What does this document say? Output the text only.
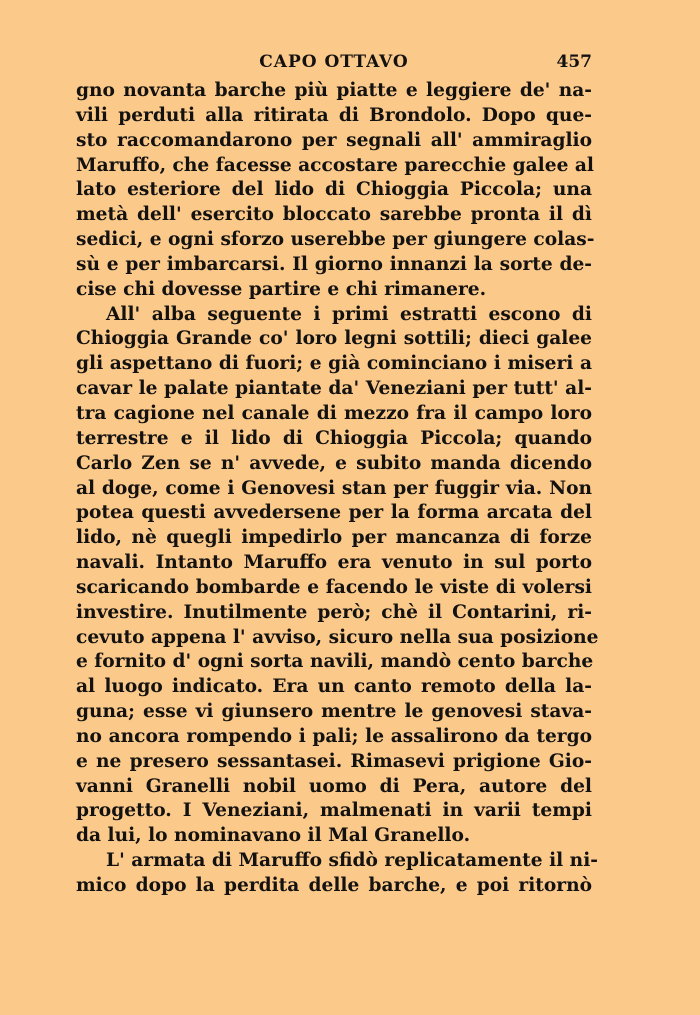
CAPO OTTAVO	457
gno novanta barche più piatte e leggiere de' na-
vili perduti alla ritirata di Brondolo. Dopo que-
sto raccomandarono per segnali all' ammiraglio
Maruffo, che facesse accostare parecchie galee al
lato esteriore del lido di Chioggia Piccola; una
metà dell' esercito bloccato sarebbe pronta il dì
sedici, e ogni sforzo userebbe per giungere colas-
sù e per imbarcarsi. Il giorno innanzi la sorte de-
cise chi dovesse partire e chi rimanere.
All' alba seguente i primi estratti escono di
Chioggia Grande co' loro legni sottili; dieci galee
gli aspettano di fuori; e già cominciano i miseri a
cavar le palate piantate da' Veneziani per tutt' al-
tra cagione nel canale di mezzo fra il campo loro
terrestre e il lido di Chioggia Piccola; quando
Carlo Zen se n' avvede, e subito manda dicendo
al doge, come i Genovesi stan per fuggir via. Non
potea questi avvedersene per la forma arcata del
lido, nè quegli impedirlo per mancanza di forze
navali. Intanto Maruffo era venuto in sul porto
scaricando bombarde e facendo le viste di volersi
investire. Inutilmente però; chè il Contarini, ri-
cevuto appena l' avviso, sicuro nella sua posizione
e fornito d' ogni sorta navili, mandò cento barche
al luogo indicato. Era un canto remoto della la-
guna; esse vi giunsero mentre le genovesi stava-
no ancora rompendo i pali; le assalirono da tergo
e ne presero sessantasei. Rimasevi prigione Gio-
vanni Granelli nobil uomo di Pera, autore del
progetto. I Veneziani, malmenati in varii tempi
da lui, lo nominavano il Mal Granello.
L' armata di Maruffo sfidò replicatamente il ni-
mico dopo la perdita delle barche, e poi ritornò
